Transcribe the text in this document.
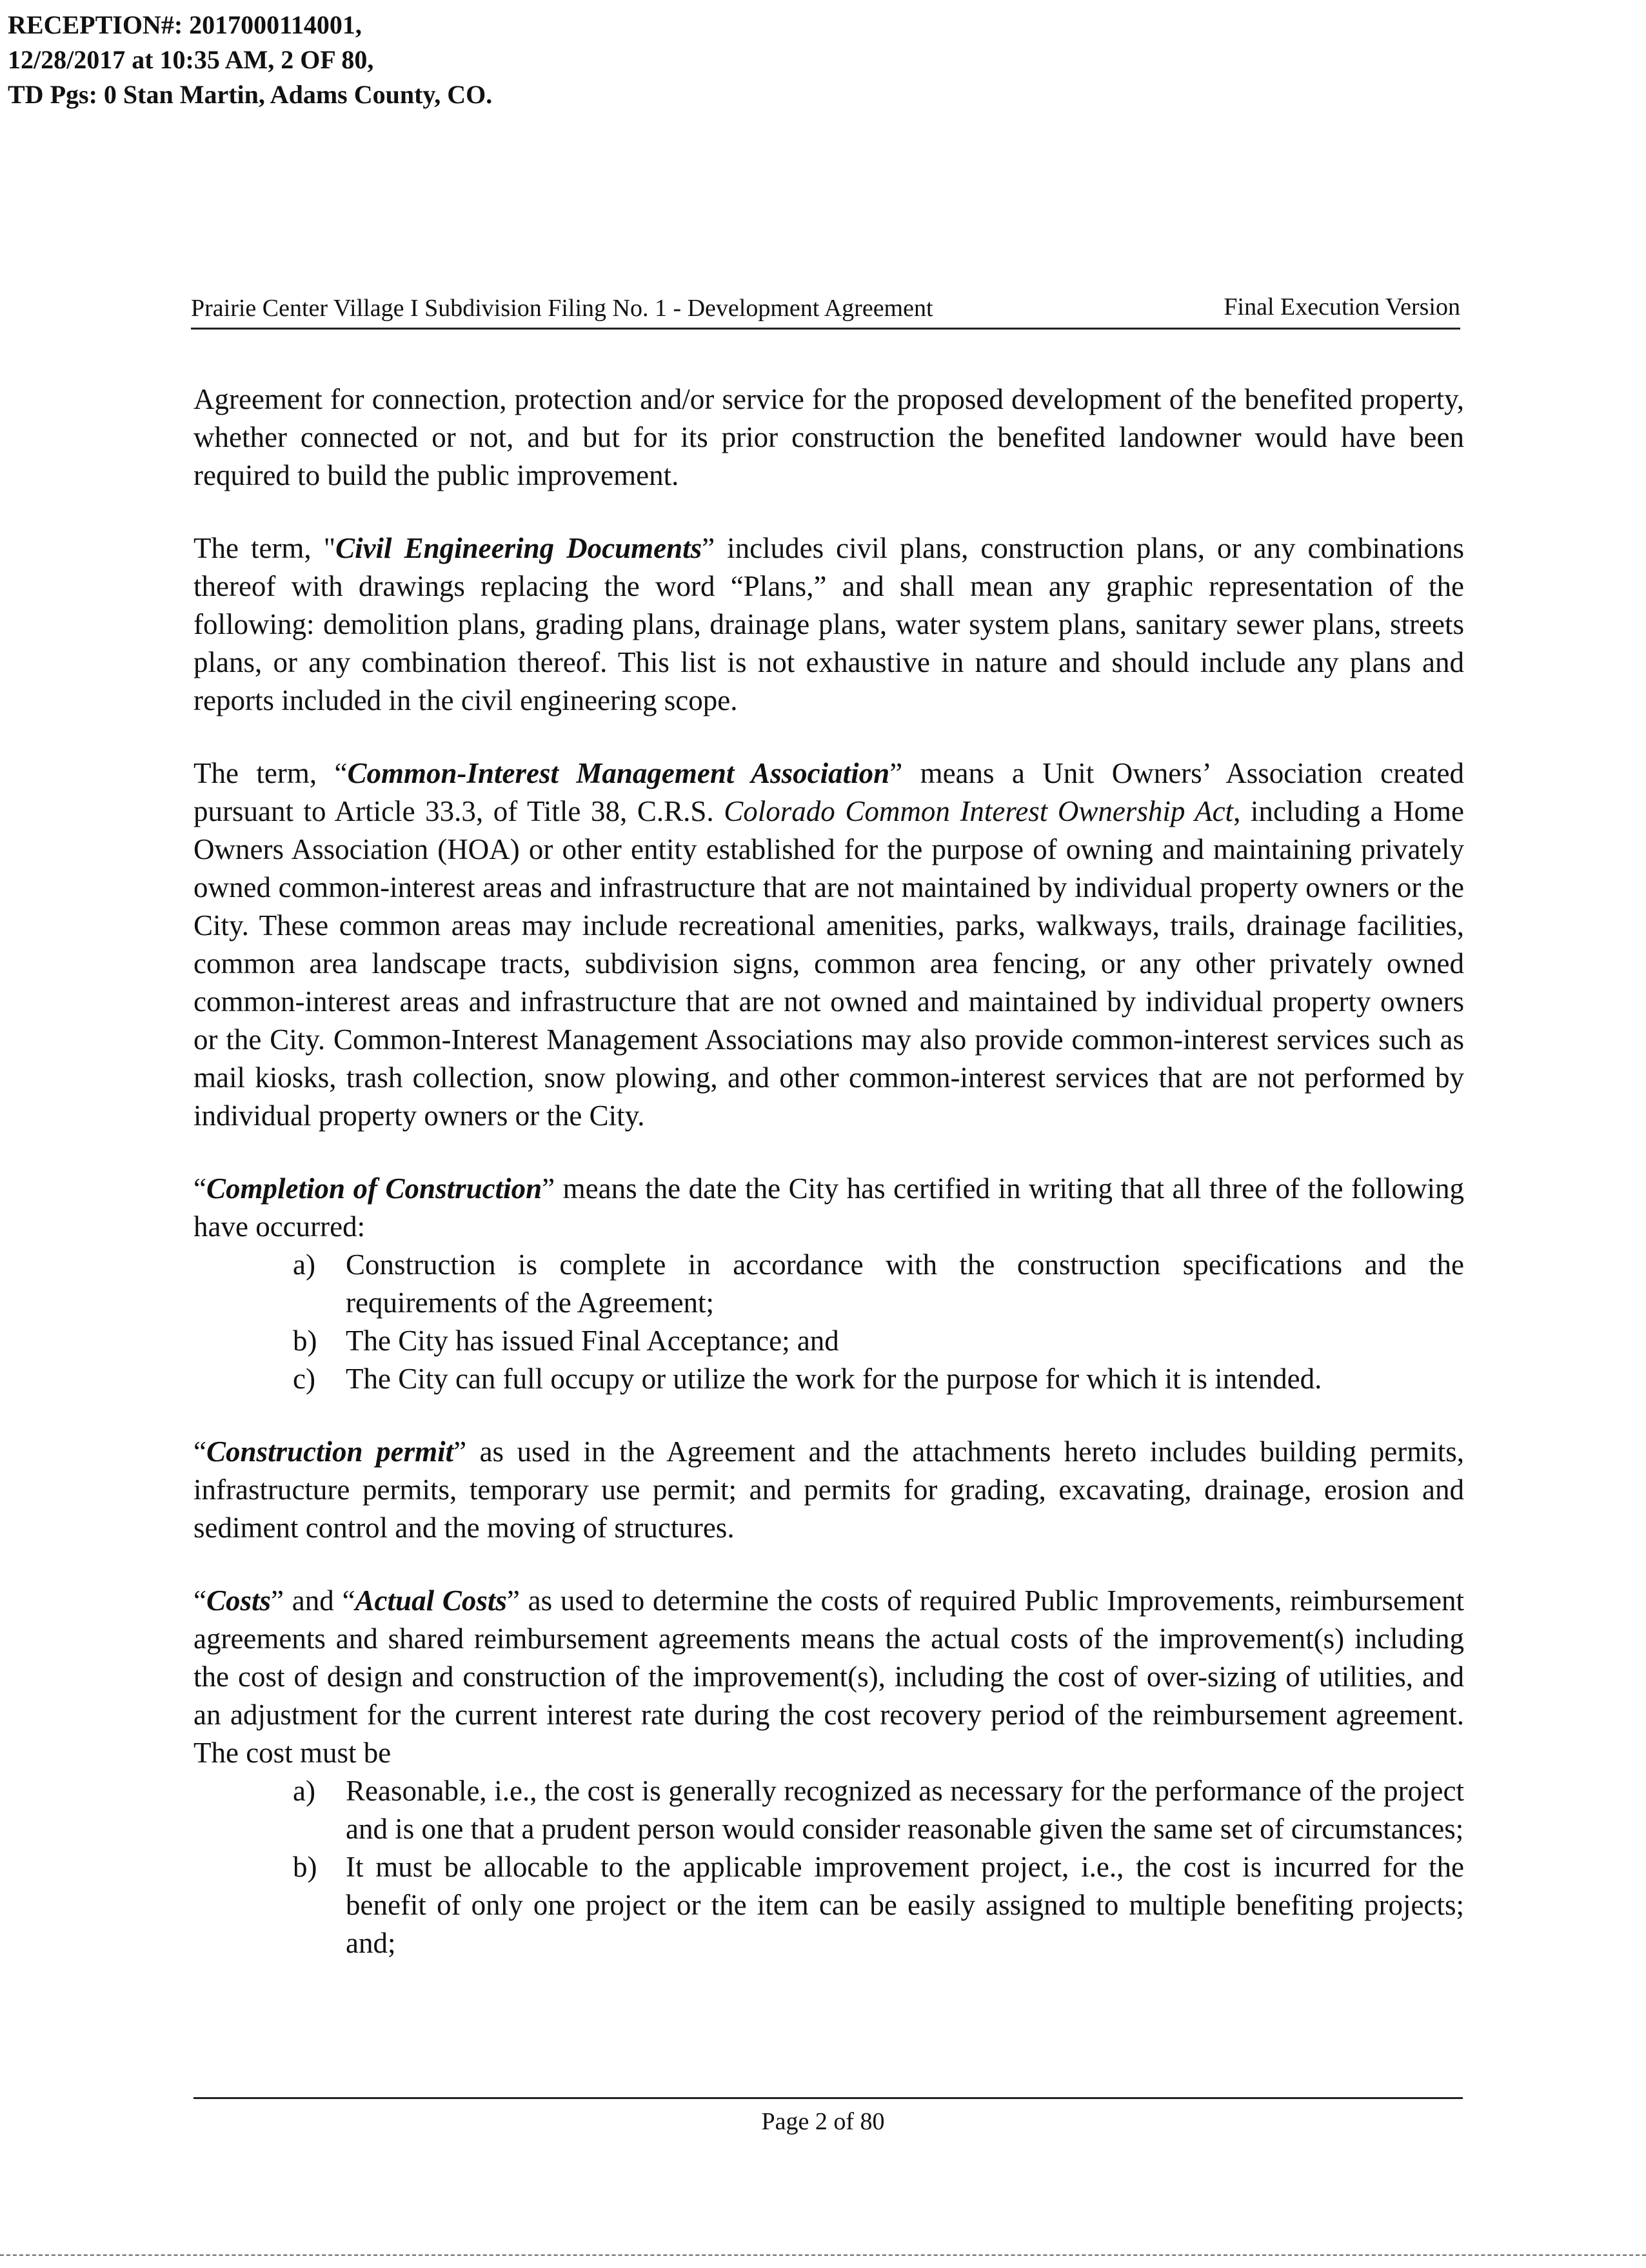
RECEPTION#: 2017000114001,
12/28/2017 at 10:35 AM, 2 OF 80,
TD Pgs: 0 Stan Martin, Adams County, CO.
Prairie Center Village I Subdivision Filing No. 1 - Development Agreement	Final Execution Version

Agreement for connection, protection and/or service for the proposed development of the benefited property, whether connected or not, and but for its prior construction the benefited landowner would have been required to build the public improvement.

The term, "Civil Engineering Documents” includes civil plans, construction plans, or any combinations thereof with drawings replacing the word “Plans,” and shall mean any graphic representation of the following: demolition plans, grading plans, drainage plans, water system plans, sanitary sewer plans, streets plans, or any combination thereof. This list is not exhaustive in nature and should include any plans and reports included in the civil engineering scope.

The term, “Common-Interest Management Association” means a Unit Owners’ Association created pursuant to Article 33.3, of Title 38, C.R.S. Colorado Common Interest Ownership Act, including a Home Owners Association (HOA) or other entity established for the purpose of owning and maintaining privately owned common-interest areas and infrastructure that are not maintained by individual property owners or the City. These common areas may include recreational amenities, parks, walkways, trails, drainage facilities, common area landscape tracts, subdivision signs, common area fencing, or any other privately owned common-interest areas and infrastructure that are not owned and maintained by individual property owners or the City. Common-Interest Management Associations may also provide common-interest services such as mail kiosks, trash collection, snow plowing, and other common-interest services that are not performed by individual property owners or the City.

“Completion of Construction” means the date the City has certified in writing that all three of the following have occurred:

a) Construction is complete in accordance with the construction specifications and the requirements of the Agreement;
b) The City has issued Final Acceptance; and
c) The City can full occupy or utilize the work for the purpose for which it is intended.

“Construction permit” as used in the Agreement and the attachments hereto includes building permits, infrastructure permits, temporary use permit; and permits for grading, excavating, drainage, erosion and sediment control and the moving of structures.

“Costs” and “Actual Costs” as used to determine the costs of required Public Improvements, reimbursement agreements and shared reimbursement agreements means the actual costs of the improvement(s) including the cost of design and construction of the improvement(s), including the cost of over-sizing of utilities, and an adjustment for the current interest rate during the cost recovery period of the reimbursement agreement. The cost must be

a) Reasonable, i.e., the cost is generally recognized as necessary for the performance of the project and is one that a prudent person would consider reasonable given the same set of circumstances;
b) It must be allocable to the applicable improvement project, i.e., the cost is incurred for the benefit of only one project or the item can be easily assigned to multiple benefiting projects; and;
Page 2 of 80
